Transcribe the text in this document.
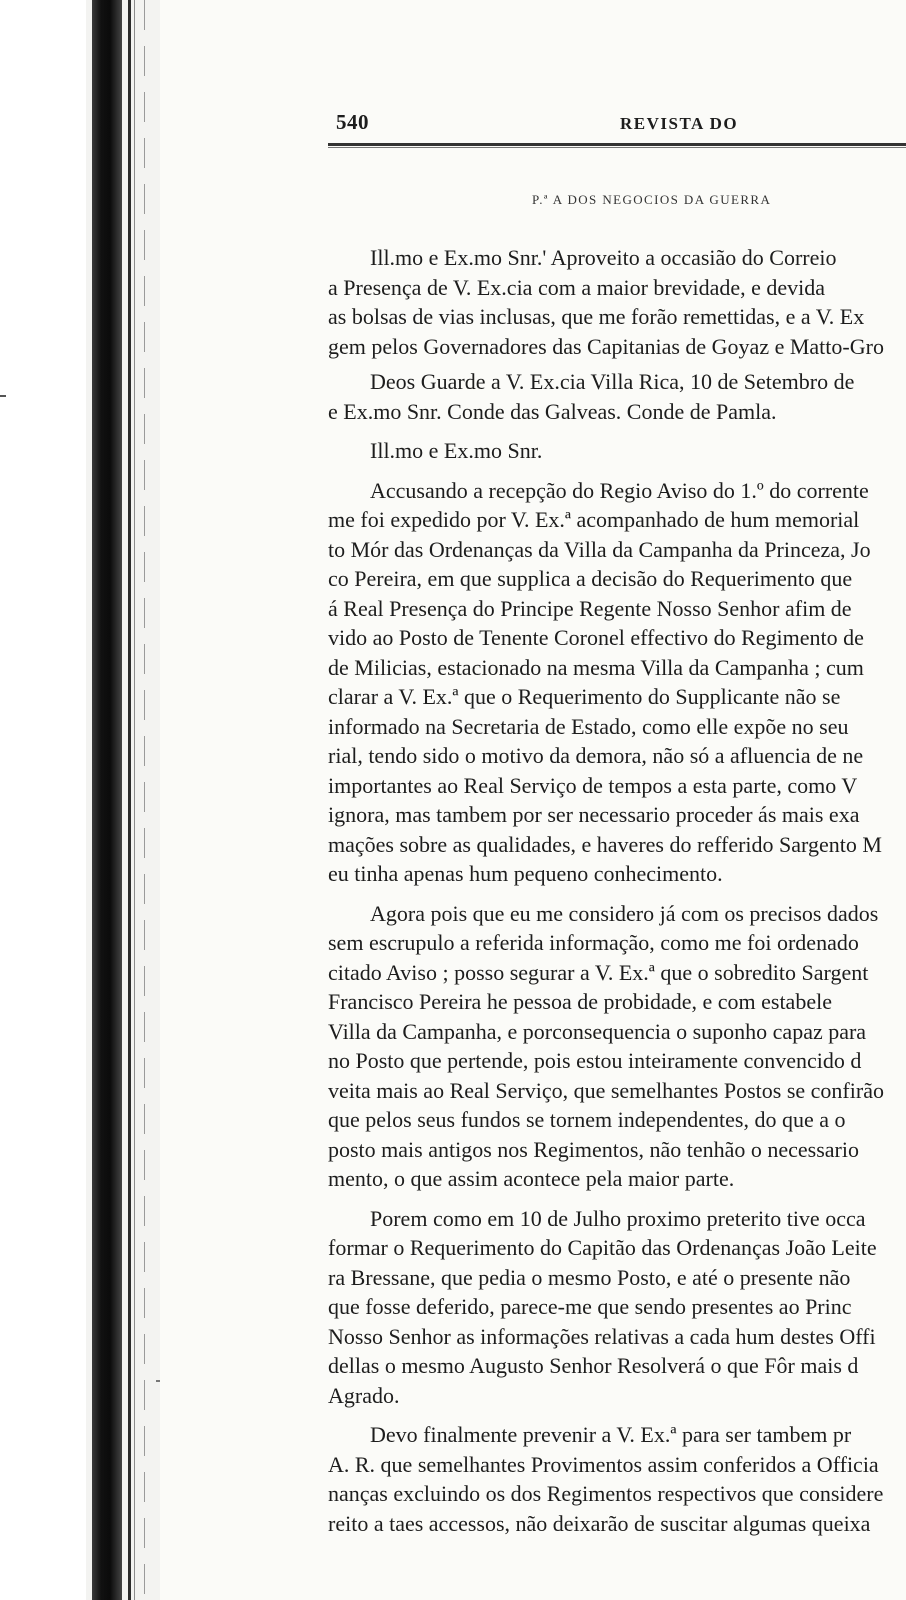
540	REVISTA DO
P.ª A DOS NEGOCIOS DA GUERRA
Ill.mo e Ex.mo Snr.' Aproveito a occasião do Correio
a Presença de V. Ex.cia com a maior brevidade, e devida
as bolsas de vias inclusas, que me forão remettidas, e a V. Ex
gem pelos Governadores das Capitanias de Goyaz e Matto-Gro
Deos Guarde a V. Ex.cia Villa Rica, 10 de Setembro de
e Ex.mo Snr. Conde das Galveas. Conde de Pamla.
Ill.mo e Ex.mo Snr.
Accusando a recepção do Regio Aviso do 1.º do corrente
me foi expedido por V. Ex.ª acompanhado de hum memorial
to Mór das Ordenanças da Villa da Campanha da Princeza, Jo
co Pereira, em que supplica a decisão do Requerimento que
á Real Presença do Principe Regente Nosso Senhor afim de
vido ao Posto de Tenente Coronel effectivo do Regimento de
de Milicias, estacionado na mesma Villa da Campanha ; cum
clarar a V. Ex.ª que o Requerimento do Supplicante não se
informado na Secretaria de Estado, como elle expõe no seu
rial, tendo sido o motivo da demora, não só a afluencia de ne
importantes ao Real Serviço de tempos a esta parte, como V
ignora, mas tambem por ser necessario proceder ás mais exa
mações sobre as qualidades, e haveres do refferido Sargento M
eu tinha apenas hum pequeno conhecimento.
Agora pois que eu me considero já com os precisos dados
sem escrupulo a referida informação, como me foi ordenado
citado Aviso ; posso segurar a V. Ex.ª que o sobredito Sargent
Francisco Pereira he pessoa de probidade, e com estabele
Villa da Campanha, e porconsequencia o suponho capaz para
no Posto que pertende, pois estou inteiramente convencido d
veita mais ao Real Serviço, que semelhantes Postos se confirão
que pelos seus fundos se tornem independentes, do que a o
posto mais antigos nos Regimentos, não tenhão o necessario
mento, o que assim acontece pela maior parte.
Porem como em 10 de Julho proximo preterito tive occa
formar o Requerimento do Capitão das Ordenanças João Leite
ra Bressane, que pedia o mesmo Posto, e até o presente não
que fosse deferido, parece-me que sendo presentes ao Princ
Nosso Senhor as informações relativas a cada hum destes Offi
dellas o mesmo Augusto Senhor Resolverá o que Fôr mais d
Agrado.
Devo finalmente prevenir a V. Ex.ª para ser tambem pr
A. R. que semelhantes Provimentos assim conferidos a Officia
nanças excluindo os dos Regimentos respectivos que considere
reito a taes accessos, não deixarão de suscitar algumas queixa
